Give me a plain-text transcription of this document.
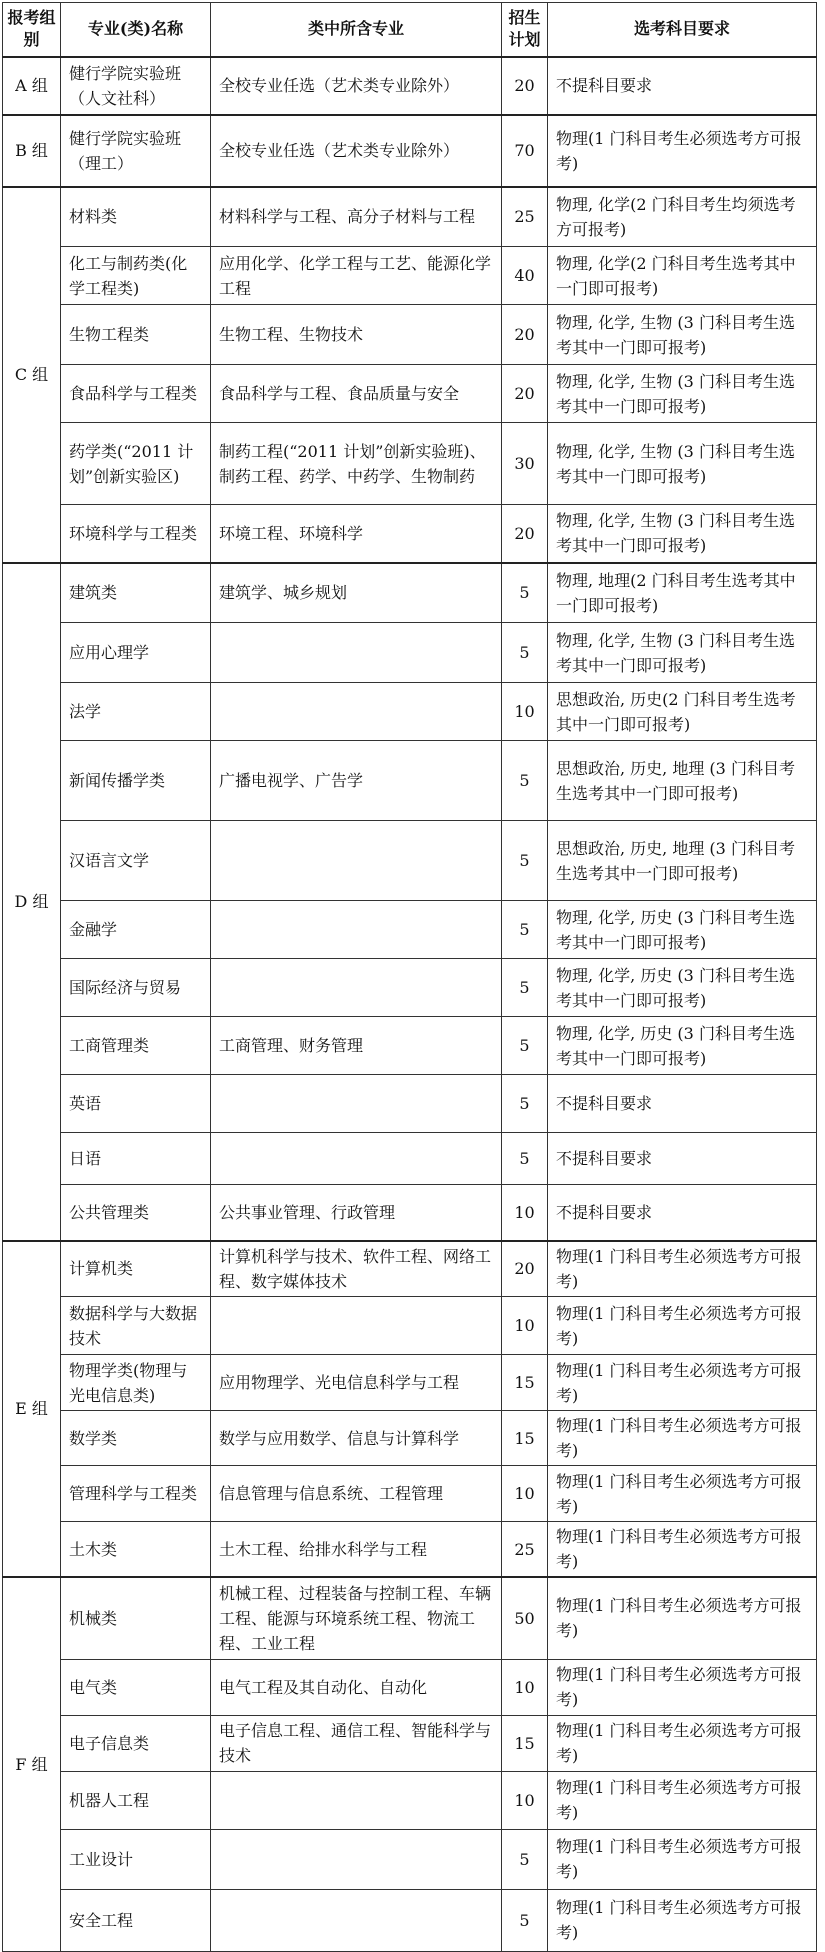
报考组别	专业(类)名称	类中所含专业	招生计划	选考科目要求
A 组	健行学院实验班（人文社科）	全校专业任选（艺术类专业除外）	20	不提科目要求
B 组	健行学院实验班（理工）	全校专业任选（艺术类专业除外）	70	物理(1 门科目考生必须选考方可报考)
C 组	材料类	材料科学与工程、高分子材料与工程	25	物理, 化学(2 门科目考生均须选考方可报考)
	化工与制药类(化学工程类)	应用化学、化学工程与工艺、能源化学工程	40	物理, 化学(2 门科目考生选考其中一门即可报考)
	生物工程类	生物工程、生物技术	20	物理, 化学, 生物 (3 门科目考生选考其中一门即可报考)
	食品科学与工程类	食品科学与工程、食品质量与安全	20	物理, 化学, 生物 (3 门科目考生选考其中一门即可报考)
	药学类(“2011 计划”创新实验区)	制药工程(“2011 计划”创新实验班)、制药工程、药学、中药学、生物制药	30	物理, 化学, 生物 (3 门科目考生选考其中一门即可报考)
	环境科学与工程类	环境工程、环境科学	20	物理, 化学, 生物 (3 门科目考生选考其中一门即可报考)
D 组	建筑类	建筑学、城乡规划	5	物理, 地理(2 门科目考生选考其中一门即可报考)
	应用心理学		5	物理, 化学, 生物 (3 门科目考生选考其中一门即可报考)
	法学		10	思想政治, 历史(2 门科目考生选考其中一门即可报考)
	新闻传播学类	广播电视学、广告学	5	思想政治, 历史, 地理 (3 门科目考生选考其中一门即可报考)
	汉语言文学		5	思想政治, 历史, 地理 (3 门科目考生选考其中一门即可报考)
	金融学		5	物理, 化学, 历史 (3 门科目考生选考其中一门即可报考)
	国际经济与贸易		5	物理, 化学, 历史 (3 门科目考生选考其中一门即可报考)
	工商管理类	工商管理、财务管理	5	物理, 化学, 历史 (3 门科目考生选考其中一门即可报考)
	英语		5	不提科目要求
	日语		5	不提科目要求
	公共管理类	公共事业管理、行政管理	10	不提科目要求
E 组	计算机类	计算机科学与技术、软件工程、网络工程、数字媒体技术	20	物理(1 门科目考生必须选考方可报考)
	数据科学与大数据技术		10	物理(1 门科目考生必须选考方可报考)
	物理学类(物理与光电信息类)	应用物理学、光电信息科学与工程	15	物理(1 门科目考生必须选考方可报考)
	数学类	数学与应用数学、信息与计算科学	15	物理(1 门科目考生必须选考方可报考)
	管理科学与工程类	信息管理与信息系统、工程管理	10	物理(1 门科目考生必须选考方可报考)
	土木类	土木工程、给排水科学与工程	25	物理(1 门科目考生必须选考方可报考)
F 组	机械类	机械工程、过程装备与控制工程、车辆工程、能源与环境系统工程、物流工程、工业工程	50	物理(1 门科目考生必须选考方可报考)
	电气类	电气工程及其自动化、自动化	10	物理(1 门科目考生必须选考方可报考)
	电子信息类	电子信息工程、通信工程、智能科学与技术	15	物理(1 门科目考生必须选考方可报考)
	机器人工程		10	物理(1 门科目考生必须选考方可报考)
	工业设计		5	物理(1 门科目考生必须选考方可报考)
	安全工程		5	物理(1 门科目考生必须选考方可报考)
